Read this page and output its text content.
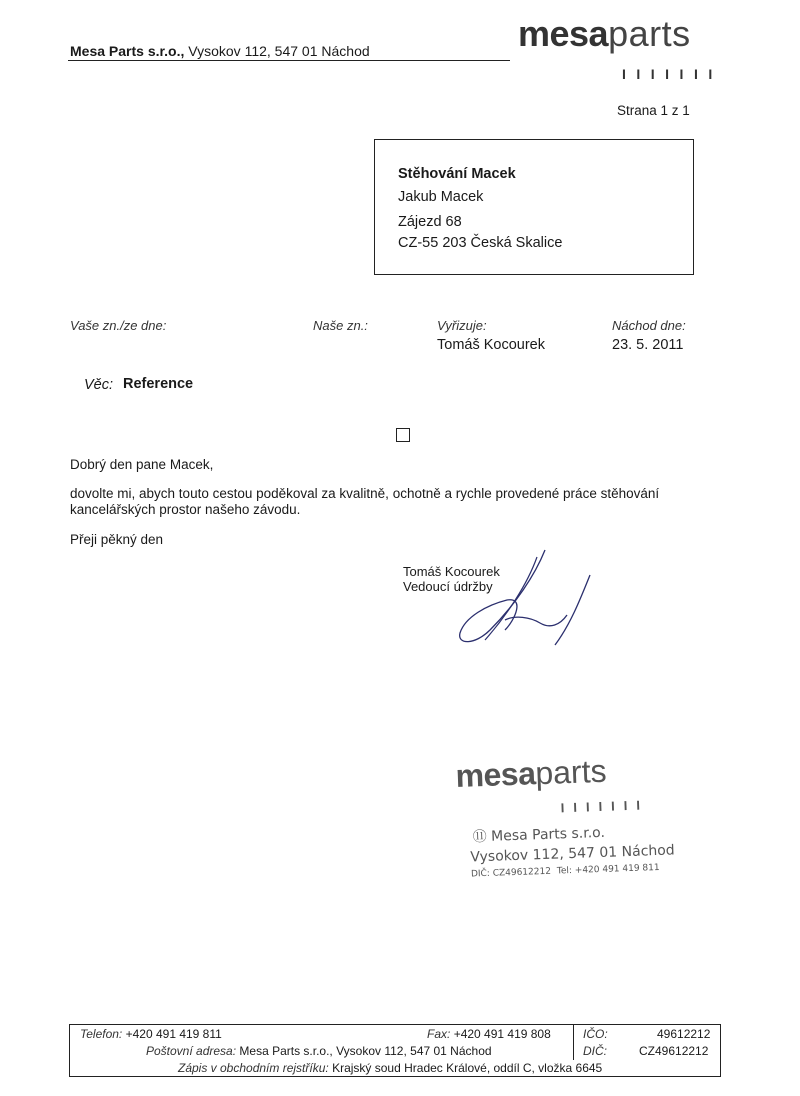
Mesa Parts s.r.o., Vysokov 112, 547 01 Náchod	mesaparts
IIIIIII
Strana 1 z 1
Stěhování Macek
Jakub Macek
Zájezd 68
CZ-55 203 Česká Skalice
Vaše zn./ze dne:	Naše zn.:	Vyřizuje:
Tomáš Kocourek
Náchod dne:
23. 5. 2011
Věc: Reference
Dobrý den pane Macek,
dovolte mi, abych touto cestou poděkoval za kvalitně, ochotně a rychle provedené práce stěhování
kancelářských prostor našeho závodu.
Přeji pěkný den
Tomáš Kocourek
Vedoucí údržby
mesaparts
IIIIIII
⑪ Mesa Parts s.r.o.
Vysokov 112, 547 01 Náchod
DIČ: CZ49612212 Tel: +420 491 419 811
Telefon: +420 491 419 811	Fax: +420 491 419 808	IČO:	49612212
Poštovní adresa: Mesa Parts s.r.o., Vysokov 112, 547 01 Náchod	DIČ:	CZ49612212
Zápis v obchodním rejstříku: Krajský soud Hradec Králové, oddíl C, vložka 6645
